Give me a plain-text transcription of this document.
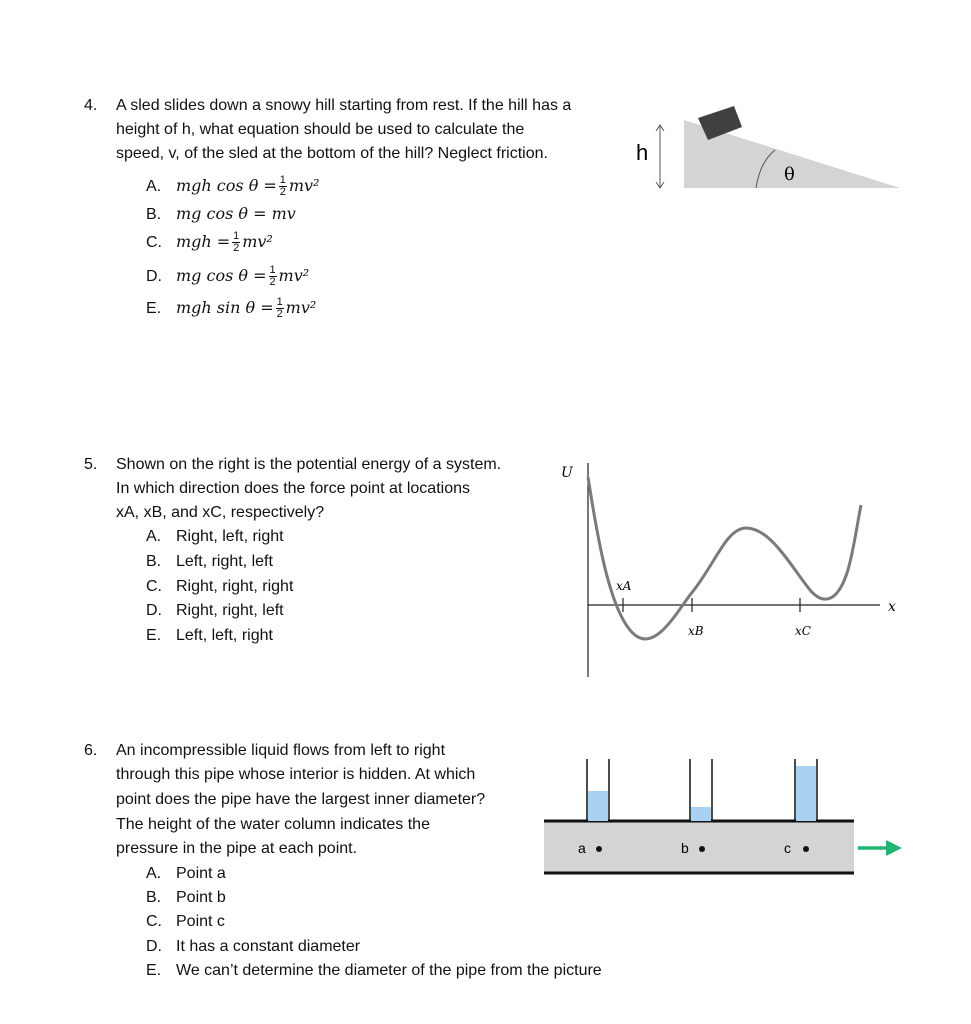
4.	A sled slides down a snowy hill starting from rest. If the hill has a
height of h, what equation should be used to calculate the
speed, v, of the sled at the bottom of the hill? Neglect friction.
A. mgh $\cos \theta = \frac{1}{2} mv^2$
B. mg cos θ = mv
C. mgh = $\frac{1}{2} mv^2$
D. mg $\cos \theta = \frac{1}{2} mv^2$
E. mgh $\sin \theta = \frac{1}{2} mv^2$
h
θ
5.	Shown on the right is the potential energy of a system.
In which direction does the force point at locations
xA, xB, and xC, respectively?
A. Right, left, right
B. Left, right, left
C. Right, right, right
D. Right, right, left
E. Left, left, right
U
x
xA
xB	xC
6.	An incompressible liquid flows from left to right
through this pipe whose interior is hidden. At which
point does the pipe have the largest inner diameter?
The height of the water column indicates the
pressure in the pipe at each point.
A. Point a
B. Point b
C. Point c
D. It has a constant diameter
E. We can’t determine the diameter of the pipe from the picture
a	b	c
